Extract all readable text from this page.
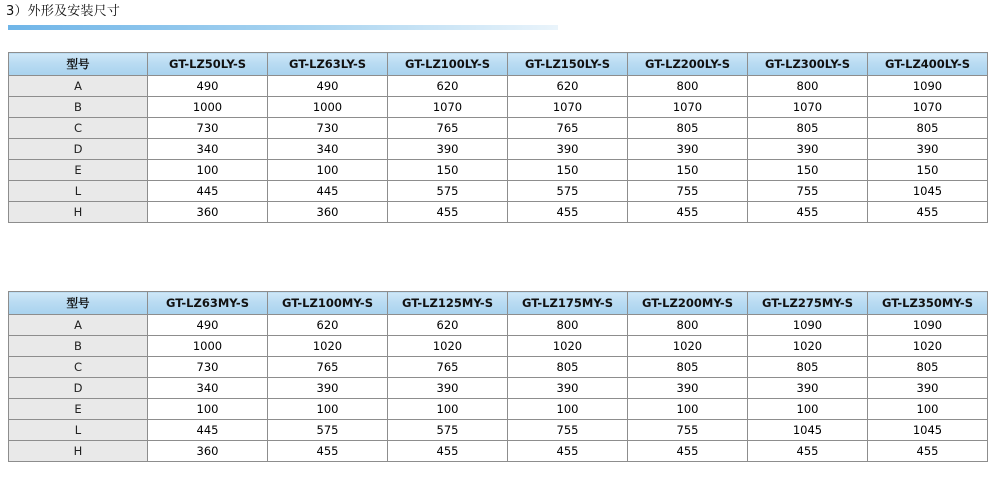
3）外形及安装尺寸
型号	GT-LZ50LY-S	GT-LZ63LY-S	GT-LZ100LY-S	GT-LZ150LY-S	GT-LZ200LY-S	GT-LZ300LY-S	GT-LZ400LY-S
A	490	490	620	620	800	800	1090
B	1000	1000	1070	1070	1070	1070	1070
C	730	730	765	765	805	805	805
D	340	340	390	390	390	390	390
E	100	100	150	150	150	150	150
L	445	445	575	575	755	755	1045
H	360	360	455	455	455	455	455
型号	GT-LZ63MY-S	GT-LZ100MY-S	GT-LZ125MY-S	GT-LZ175MY-S	GT-LZ200MY-S	GT-LZ275MY-S	GT-LZ350MY-S
A	490	620	620	800	800	1090	1090
B	1000	1020	1020	1020	1020	1020	1020
C	730	765	765	805	805	805	805
D	340	390	390	390	390	390	390
E	100	100	100	100	100	100	100
L	445	575	575	755	755	1045	1045
H	360	455	455	455	455	455	455
